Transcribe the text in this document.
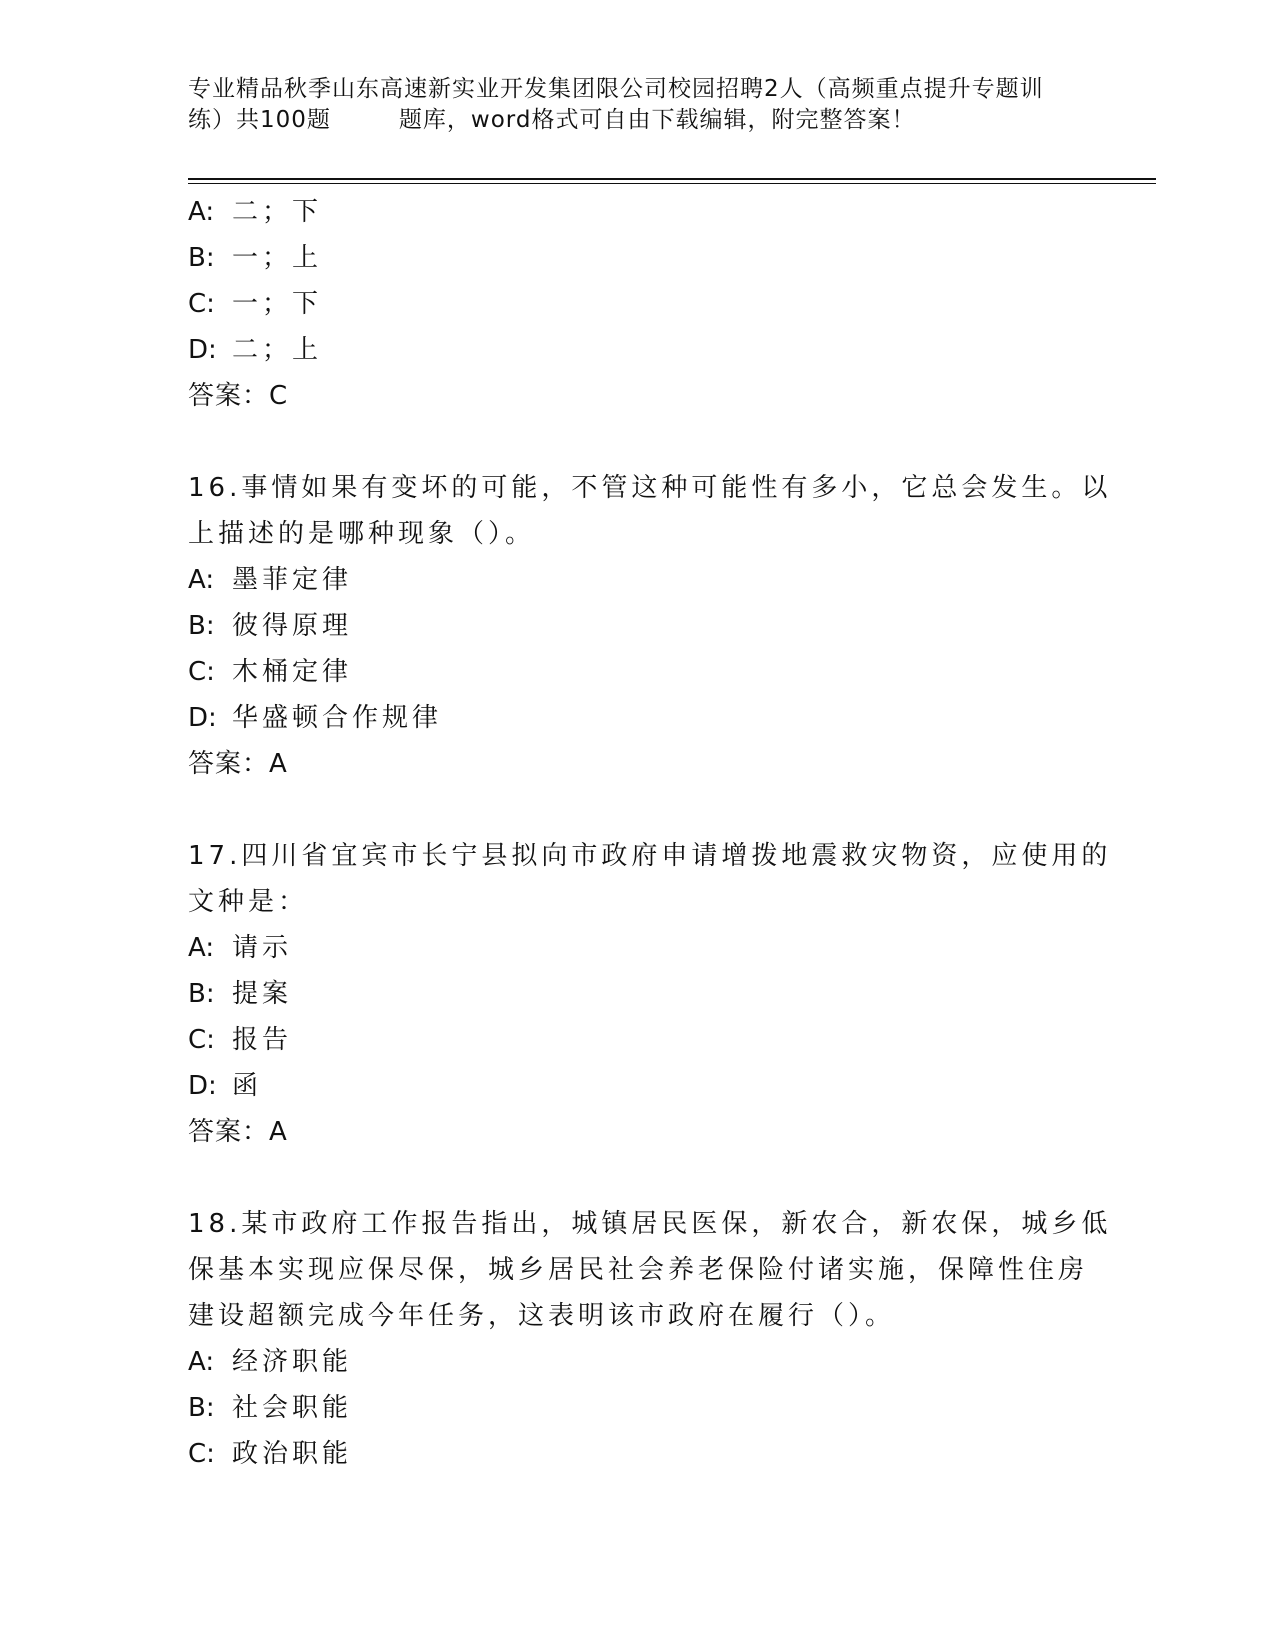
专业精品秋季山东高速新实业开发集团限公司校园招聘2人（高频重点提升专题训
练）共100题	题库，word格式可自由下载编辑，附完整答案！
A: 二；下
B: 一；上
C: 一；下
D: 二；上
答案：C
16.事情如果有变坏的可能，不管这种可能性有多小，它总会发生。以
上描述的是哪种现象（）。
A: 墨菲定律
B: 彼得原理
C: 木桶定律
D: 华盛顿合作规律
答案：A
17.四川省宜宾市长宁县拟向市政府申请增拨地震救灾物资，应使用的
文种是：
A: 请示
B: 提案
C: 报告
D: 函
答案：A
18.某市政府工作报告指出，城镇居民医保，新农合，新农保，城乡低
保基本实现应保尽保，城乡居民社会养老保险付诸实施，保障性住房
建设超额完成今年任务，这表明该市政府在履行（）。
A: 经济职能
B: 社会职能
C: 政治职能
